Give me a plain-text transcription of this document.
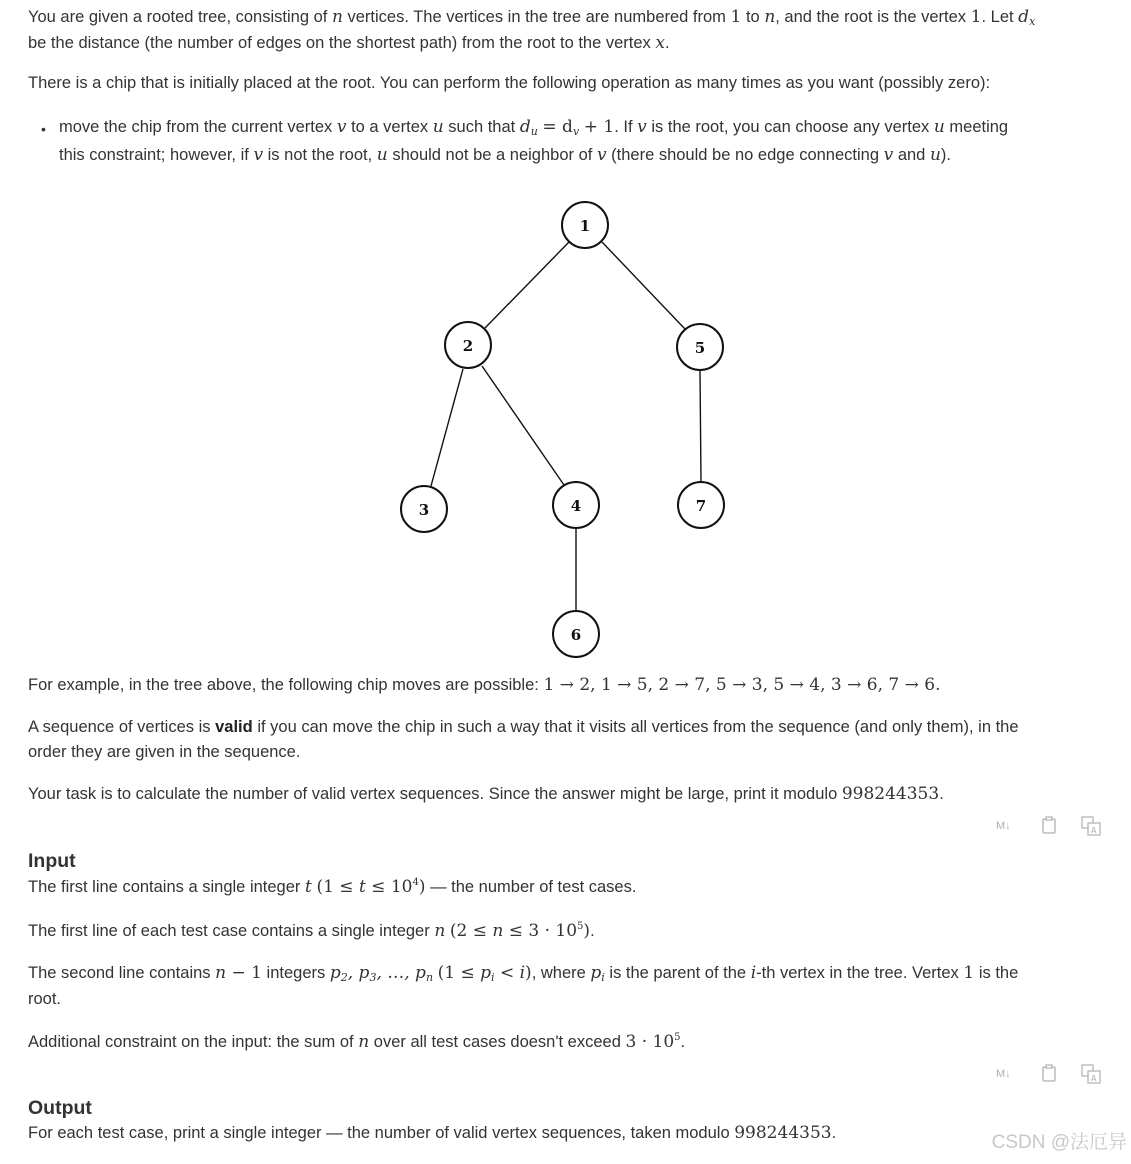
You are given a rooted tree, consisting of n vertices. The vertices in the tree are numbered from 1 to n, and the root is the vertex 1. Let dx
be the distance (the number of edges on the shortest path) from the root to the vertex x.

There is a chip that is initially placed at the root. You can perform the following operation as many times as you want (possibly zero):

• move the chip from the current vertex v to a vertex u such that du = dv + 1. If v is the root, you can choose any vertex u meeting
this constraint; however, if v is not the root, u should not be a neighbor of v (there should be no edge connecting v and u).

1
2
3	4
5
6
7

For example, in the tree above, the following chip moves are possible: 1 → 2, 1 → 5, 2 → 7, 5 → 3, 5 → 4, 3 → 6, 7 → 6.

A sequence of vertices is valid if you can move the chip in such a way that it visits all vertices from the sequence (and only them), in the
order they are given in the sequence.

Your task is to calculate the number of valid vertex sequences. Since the answer might be large, print it modulo 998244353.

M↓	A
Input

The first line contains a single integer t $(1 \le t \le 10^4)$ — the number of test cases.

The first line of each test case contains a single integer n $(2 \le n \le 3 \cdot 10^5)$.

The second line contains n − 1 integers p2, p3, …, pn (1 ≤ pi < i), where pi is the parent of the i-th vertex in the tree. Vertex 1 is the
root.

Additional constraint on the input: the sum of n over all test cases doesn't exceed $3 \cdot 10^5$.

M↓	A
Output

For each test case, print a single integer — the number of valid vertex sequences, taken modulo 998244353.	CSDN @法厄异
